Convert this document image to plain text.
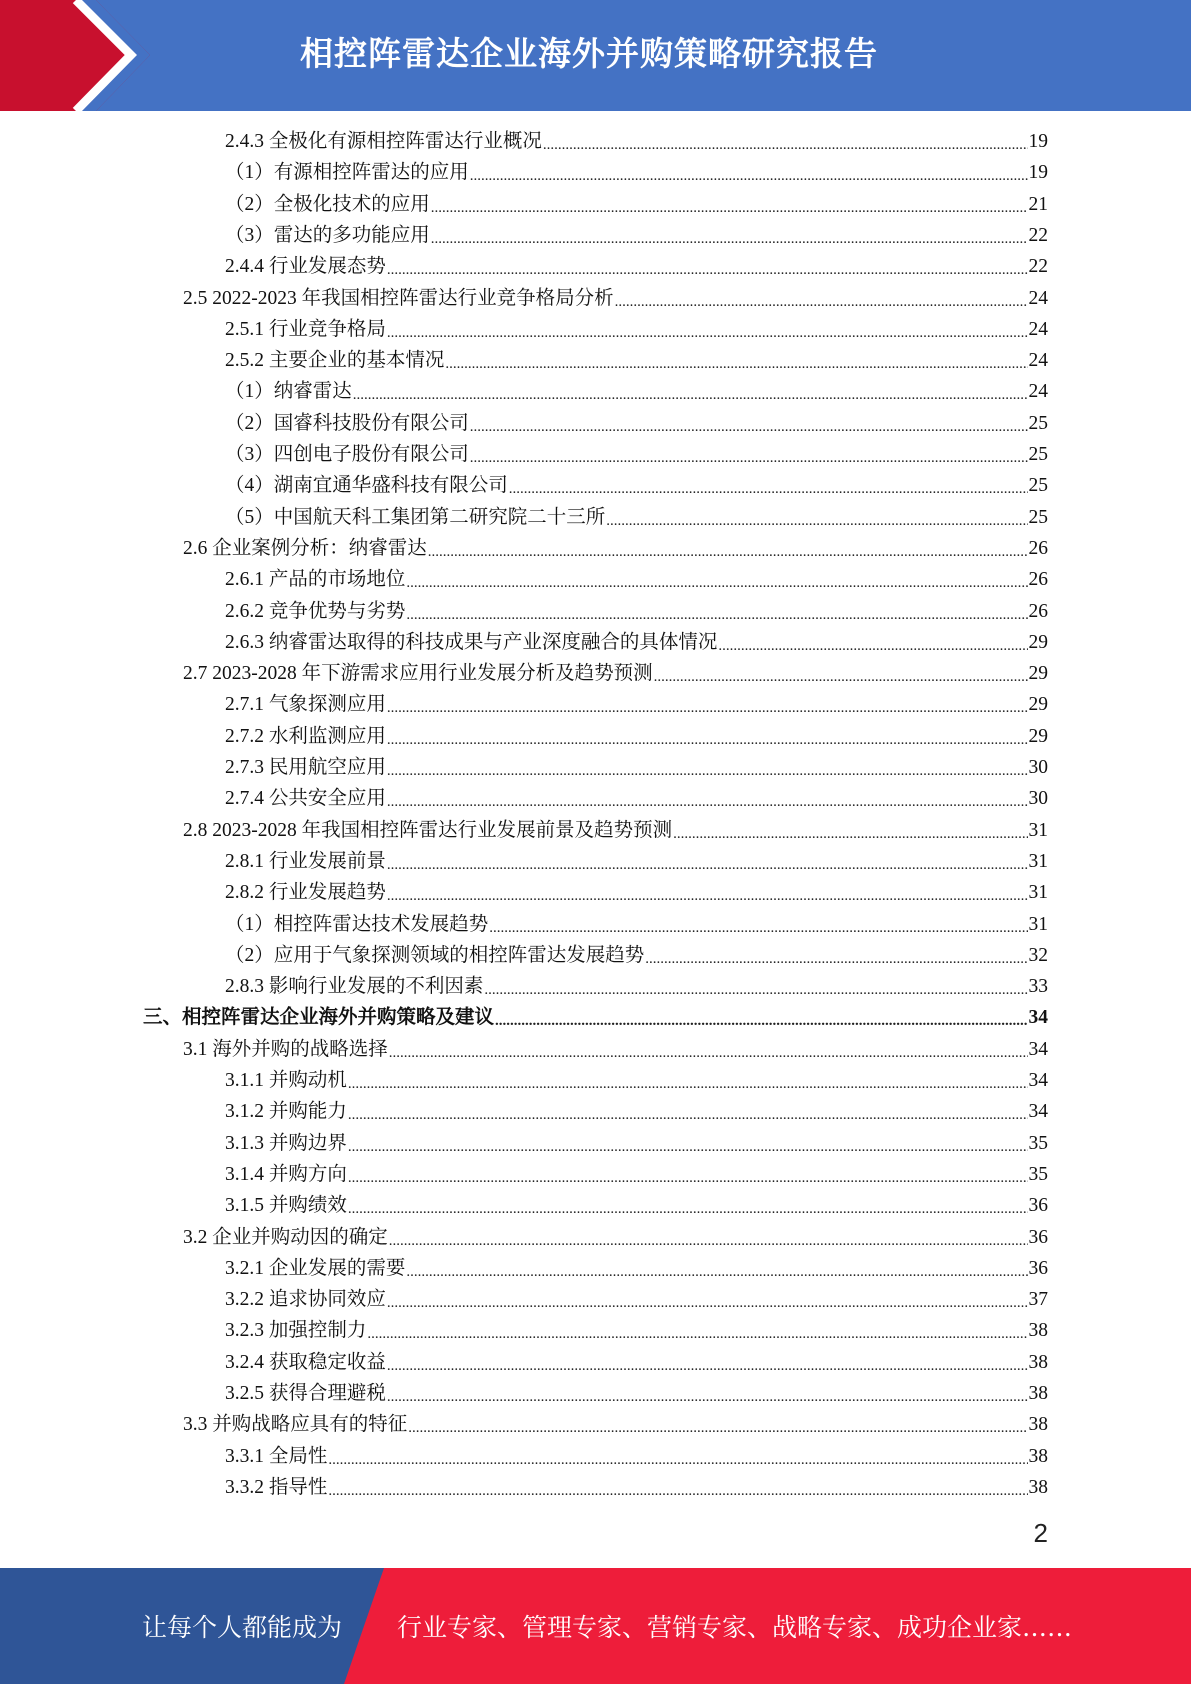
相控阵雷达企业海外并购策略研究报告
2.4.3 全极化有源相控阵雷达行业概况 .....	19
（1）有源相控阵雷达的应用 .....	19
（2）全极化技术的应用 .....	21
（3）雷达的多功能应用 .....	22
2.4.4 行业发展态势 .....	22
2.5 2022-2023 年我国相控阵雷达行业竞争格局分析 .....	24
2.5.1 行业竞争格局 .....	24
2.5.2 主要企业的基本情况 .....	24
（1）纳睿雷达 .....	24
（2）国睿科技股份有限公司 .....	25
（3）四创电子股份有限公司 .....	25
（4）湖南宜通华盛科技有限公司 .....	25
（5）中国航天科工集团第二研究院二十三所 .....	25
2.6 企业案例分析：纳睿雷达 .....	26
2.6.1 产品的市场地位 .....	26
2.6.2 竞争优势与劣势 .....	26
2.6.3 纳睿雷达取得的科技成果与产业深度融合的具体情况 .....	29
2.7 2023-2028 年下游需求应用行业发展分析及趋势预测 .....	29
2.7.1 气象探测应用 .....	29
2.7.2 水利监测应用 .....	29
2.7.3 民用航空应用 .....	30
2.7.4 公共安全应用 .....	30
2.8 2023-2028 年我国相控阵雷达行业发展前景及趋势预测 .....	31
2.8.1 行业发展前景 .....	31
2.8.2 行业发展趋势 .....	31
（1）相控阵雷达技术发展趋势 .....	31
（2）应用于气象探测领域的相控阵雷达发展趋势 .....	32
2.8.3 影响行业发展的不利因素 .....	33
三、相控阵雷达企业海外并购策略及建议 .....	34
3.1 海外并购的战略选择 .....	34
3.1.1 并购动机 .....	34
3.1.2 并购能力 .....	34
3.1.3 并购边界 .....	35
3.1.4 并购方向 .....	35
3.1.5 并购绩效 .....	36
3.2 企业并购动因的确定 .....	36
3.2.1 企业发展的需要 .....	36
3.2.2 追求协同效应 .....	37
3.2.3 加强控制力 .....	38
3.2.4 获取稳定收益 .....	38
3.2.5 获得合理避税 .....	38
3.3 并购战略应具有的特征 .....	38
3.3.1 全局性 .....	38
3.3.2 指导性 .....	38
2
让每个人都能成为 行业专家、管理专家、营销专家、战略专家、成功企业家……
